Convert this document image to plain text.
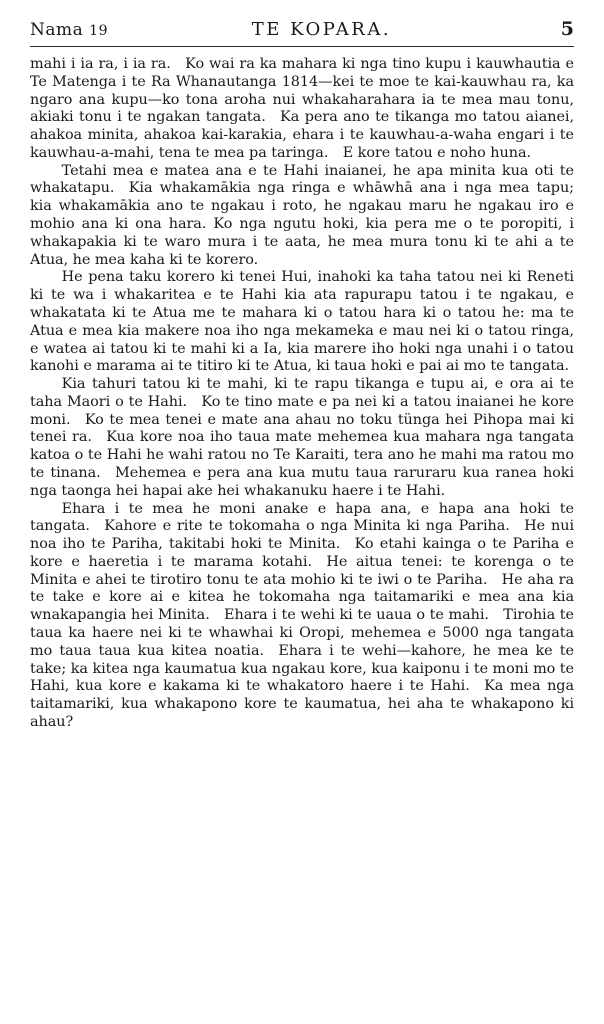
Nama 19	TE KOPARA.	5

mahi i ia ra, i ia ra. Ko wai ra ka mahara ki nga tino kupu i kauwhautia e Te Matenga i te Ra Whanautanga 1814—kei te moe te kai-kauwhau ra, ka ngaro ana kupu—ko tona aroha nui whakaharahara ia te mea mau tonu, akiaki tonu i te ngakan tangata. Ka pera ano te tikanga mo tatou aianei, ahakoa minita, ahakoa kai-karakia, ehara i te kauwhau-a-waha engari i te kauwhau-a-mahi, tena te mea pa taringa. E kore tatou e noho huna.

Tetahi mea e matea ana e te Hahi inaianei, he apa minita kua oti te whakatapu. Kia whakamākia nga ringa e whāwhā ana i nga mea tapu; kia whakamākia ano te ngakau i roto, he ngakau maru he ngakau iro e mohio ana ki ona hara. Ko nga ngutu hoki, kia pera me o te poropiti, i whakapakia ki te waro mura i te aata, he mea mura tonu ki te ahi a te Atua, he mea kaha ki te korero.

He pena taku korero ki tenei Hui, inahoki ka taha tatou nei ki Reneti ki te wa i whakaritea e te Hahi kia ata rapurapu tatou i te ngakau, e whakatata ki te Atua me te mahara ki o tatou hara ki o tatou he: ma te Atua e mea kia makere noa iho nga mekameka e mau nei ki o tatou ringa, e watea ai tatou ki te mahi ki a Ia, kia marere iho hoki nga unahi i o tatou kanohi e marama ai te titiro ki te Atua, ki taua hoki e pai ai mo te tangata.

Kia tahuri tatou ki te mahi, ki te rapu tikanga e tupu ai, e ora ai te taha Maori o te Hahi. Ko te tino mate e pa nei ki a tatou inaianei he kore moni. Ko te mea tenei e mate ana ahau no toku tünga hei Pihopa mai ki tenei ra. Kua kore noa iho taua mate mehemea kua mahara nga tangata katoa o te Hahi he wahi ratou no Te Karaiti, tera ano he mahi ma ratou mo te tinana. Mehemea e pera ana kua mutu taua raruraru kua ranea hoki nga taonga hei hapai ake hei whakanuku haere i te Hahi.

Ehara i te mea he moni anake e hapa ana, e hapa ana hoki te tangata. Kahore e rite te tokomaha o nga Minita ki nga Pariha. He nui noa iho te Pariha, takitabi hoki te Minita. Ko etahi kainga o te Pariha e kore e haeretia i te marama kotahi. He aitua tenei: te korenga o te Minita e ahei te tirotiro tonu te ata mohio ki te iwi o te Pariha. He aha ra te take e kore ai e kitea he tokomaha nga taitamariki e mea ana kia wnakapangia hei Minita. Ehara i te wehi ki te uaua o te mahi. Tirohia te taua ka haere nei ki te whawhai ki Oropi, mehemea e 5000 nga tangata mo taua taua kua kitea noatia. Ehara i te wehi—kahore, he mea ke te take; ka kitea nga kaumatua kua ngakau kore, kua kaiponu i te moni mo te Hahi, kua kore e kakama ki te whakatoro haere i te Hahi. Ka mea nga taitamariki, kua whakapono kore te kaumatua, hei aha te whakapono ki ahau?
